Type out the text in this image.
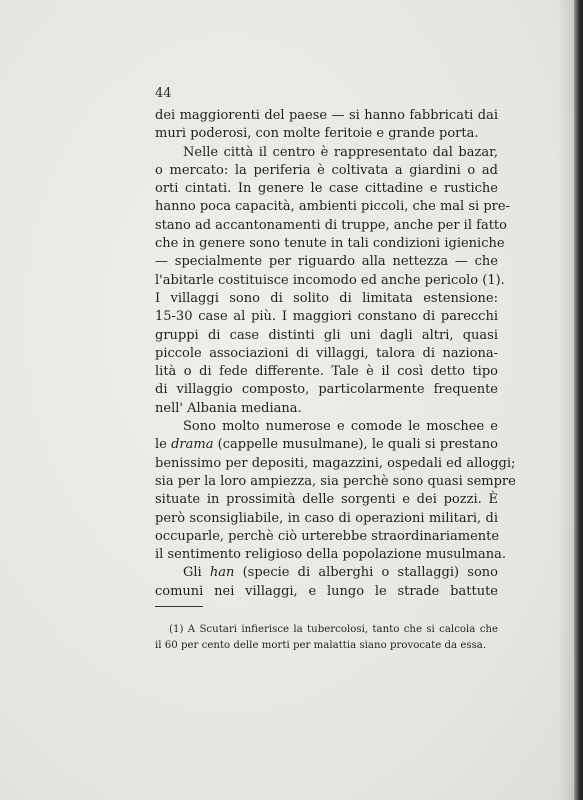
44
dei maggiorenti del paese — si hanno fabbricati dai
muri poderosi, con molte feritoie e grande porta.
Nelle città il centro è rappresentato dal bazar,
o mercato: la periferia è coltivata a giardini o ad
orti cintati. In genere le case cittadine e rustiche
hanno poca capacità, ambienti piccoli, che mal si pre-
stano ad accantonamenti di truppe, anche per il fatto
che in genere sono tenute in tali condizioni igieniche
— specialmente per riguardo alla nettezza — che
l'abitarle costituisce incomodo ed anche pericolo (1).
I villaggi sono di solito di limitata estensione:
15-30 case al più. I maggiori constano di parecchi
gruppi di case distinti gli uni dagli altri, quasi
piccole associazioni di villaggi, talora di naziona-
lità o di fede differente. Tale è il così detto tipo
di villaggio composto, particolarmente frequente
nell' Albania mediana.
Sono molto numerose e comode le moschee e
le drama (cappelle musulmane), le quali si prestano
benissimo per depositi, magazzini, ospedali ed alloggi;
sia per la loro ampiezza, sia perchè sono quasi sempre
situate in prossimità delle sorgenti e dei pozzi. È
però sconsigliabile, in caso di operazioni militari, di
occuparle, perchè ciò urterebbe straordinariamente
il sentimento religioso della popolazione musulmana.
Gli han (specie di alberghi o stallaggi) sono
comuni nei villaggi, e lungo le strade battute
(1) A Scutari infierisce la tubercolosi, tanto che si calcola che
il 60 per cento delle morti per malattia siano provocate da essa.
